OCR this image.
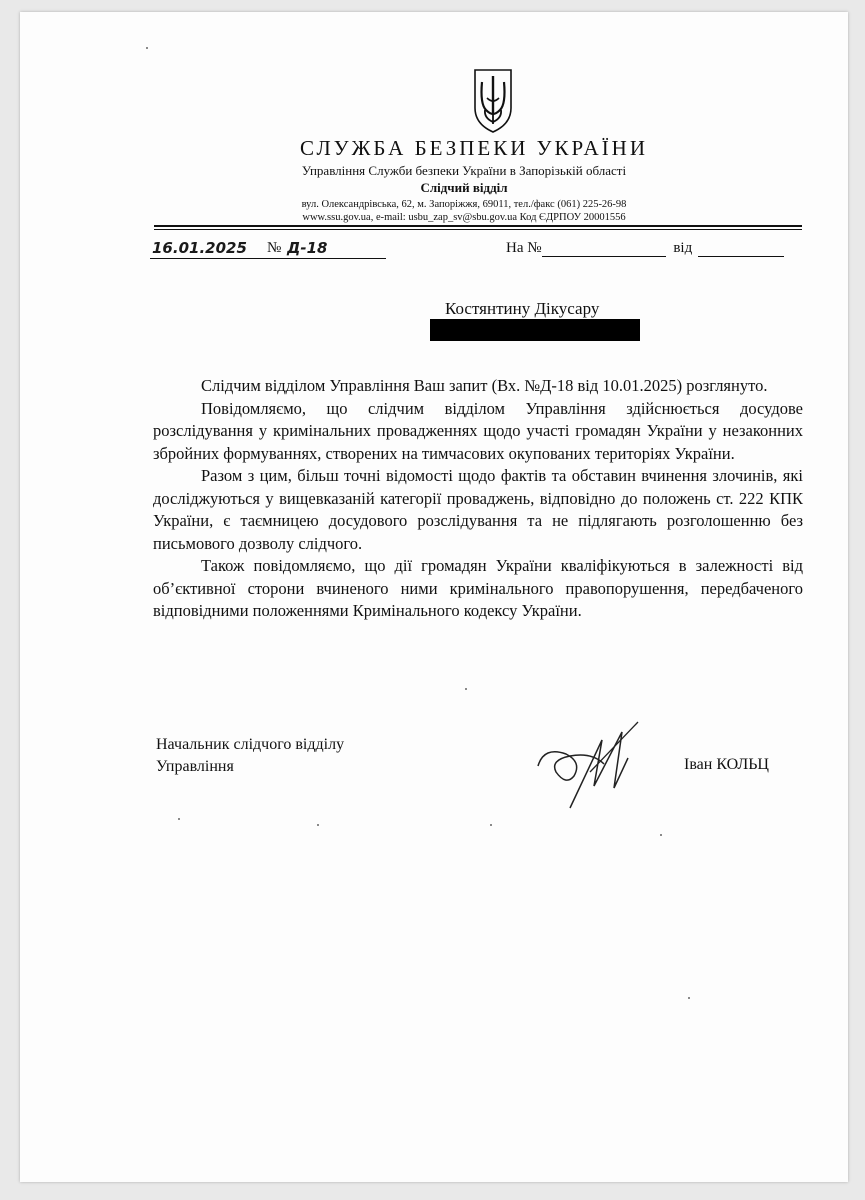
СЛУЖБА БЕЗПЕКИ УКРАЇНИ
Управління Служби безпеки України в Запорізькій області
Слідчий відділ
вул. Олександрівська, 62, м. Запоріжжя, 69011, тел./факс (061) 225-26-98
www.ssu.gov.ua, e-mail: usbu_zap_sv@sbu.gov.ua Код ЄДРПОУ 20001556
16.01.2025 № Д-18	На №	від
Костянтину Дікусару

Слідчим відділом Управління Ваш запит (Вх. №Д-18 від 10.01.2025) розглянуто.

Повідомляємо, що слідчим відділом Управління здійснюється досудове розслідування у кримінальних провадженнях щодо участі громадян України у незаконних збройних формуваннях, створених на тимчасових окупованих територіях України.

Разом з цим, більш точні відомості щодо фактів та обставин вчинення злочинів, які досліджуються у вищевказаній категорії проваджень, відповідно до положень ст. 222 КПК України, є таємницею досудового розслідування та не підлягають розголошенню без письмового дозволу слідчого.

Також повідомляємо, що дії громадян України кваліфікуються в залежності від об’єктивної сторони вчиненого ними кримінального правопорушення, передбаченого відповідними положеннями Кримінального кодексу України.

Начальник слідчого відділу
Управління	Іван КОЛЬЦ
